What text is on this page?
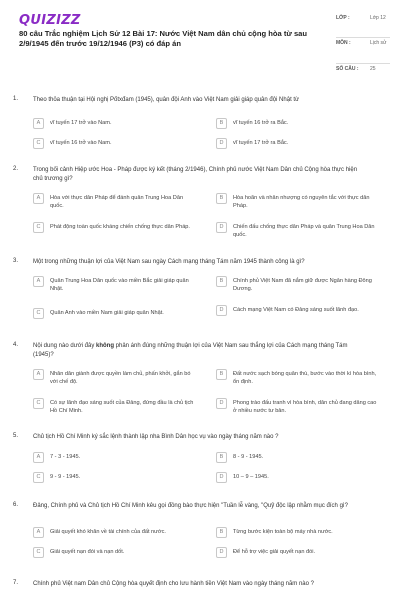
QUIZIZZ
80 câu Trắc nghiệm Lịch Sử 12 Bài 17: Nước Việt Nam dân chủ cộng hòa từ sau 2/9/1945 đến trước 19/12/1946 (P3) có đáp án
LỚP :	Lớp 12
MÔN :	Lịch sử
SỐ CÂU :	25
1. Theo thỏa thuận tại Hội nghị Pốtxđam (1945), quân đội Anh vào Việt Nam giải giáp quân đội Nhật từ
A	vĩ tuyến 17 trở vào Nam.	B	vĩ tuyến 16 trở ra Bắc.
C	vĩ tuyến 16 trở vào Nam.	D	vĩ tuyến 17 trở ra Bắc.
2. Trong bối cảnh Hiệp ước Hoa - Pháp được ký kết (tháng 2/1946), Chính phủ nước Việt Nam Dân chủ Cộng hòa thực hiện chủ trương gì?
A	Hòa với thực dân Pháp để đánh quân Trung Hoa Dân quốc.
B	Hòa hoãn và nhân nhượng có nguyên tắc với thực dân Pháp.
C	Phát động toàn quốc kháng chiến chống thực dân Pháp.	D	Chiến đấu chống thực dân Pháp và quân Trung Hoa Dân quốc.
3. Một trong những thuận lợi của Việt Nam sau ngày Cách mạng tháng Tám năm 1945 thành công là gì?
A	Quân Trung Hoa Dân quốc vào miền Bắc giải giáp quân Nhật.
B	Chính phủ Việt Nam đã nắm giữ được Ngân hàng Đông Dương.
C	Quân Anh vào miền Nam giải giáp quân Nhật.	D	Cách mạng Việt Nam có Đảng sáng suốt lãnh đạo.
4. Nội dung nào dưới đây không phản ánh đúng những thuận lợi của Việt Nam sau thắng lợi của Cách mạng tháng Tám (1945)?
A	Nhân dân giành được quyền làm chủ, phấn khởi, gắn bó với chế độ.
B	Đất nước sạch bóng quân thù, bước vào thời kì hòa bình, ổn định.
C	Có sự lãnh đạo sáng suốt của Đảng, đứng đầu là chủ tịch Hồ Chí Minh.
D	Phong trào đấu tranh vì hòa bình, dân chủ đang dâng cao ở nhiều nước tư bản.
5. Chủ tịch Hồ Chí Minh ký sắc lệnh thành lập nha Bình Dân học vụ vào ngày tháng năm nào ?
A	7 - 3 - 1945.	B	8 - 9 - 1945.
C	9 - 9 - 1945.	D	10 – 9 – 1945.
6. Đảng, Chính phủ và Chủ tịch Hồ Chí Minh kêu gọi đồng bào thực hiện "Tuần lễ vàng, "Quỹ độc lập nhằm mục đích gì?
A	Giải quyết khó khăn về tài chính của đất nước.	B	Từng bước kiện toàn bộ máy nhà nước.
C	Giải quyết nạn đói và nạn dốt.	D	Để hỗ trợ việc giải quyết nạn đói.
7. Chính phủ Việt nam Dân chủ Cộng hòa quyết định cho lưu hành tiền Việt Nam vào ngày tháng năm nào ?
